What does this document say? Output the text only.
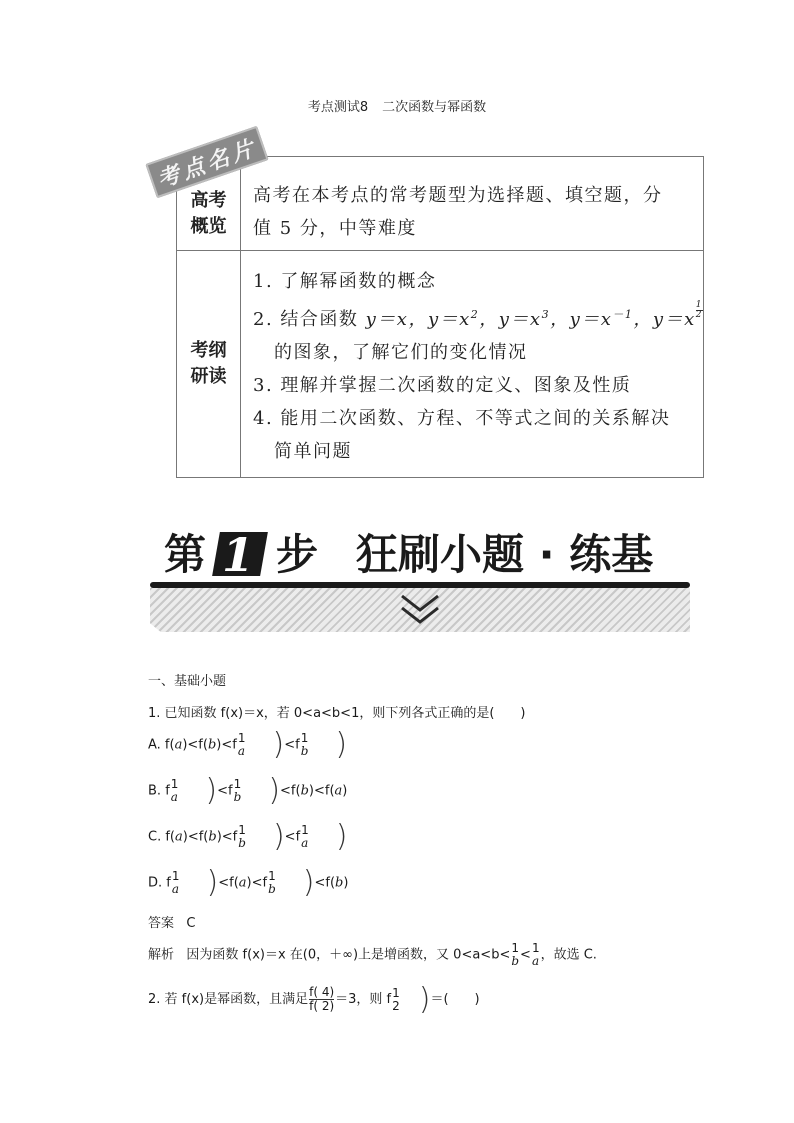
考点测试8 二次函数与幂函数
高考
概览
高考在本考点的常考题型为选择题、填空题，分
值 5 分，中等难度
考纲
研读
1. 了解幂函数的概念
2. 结合函数 y＝x，$y=x^2$，$y=x^3$，$y=x^{-1}$，$y=x \frac{1}{2}$
的图象，了解它们的变化情况
3. 理解并掌握二次函数的定义、图象及性质
4. 能用二次函数、方程、不等式之间的关系解决
简单问题
考点名片
第 1 步 狂刷小题 · 练基
一、基础小题
1. 已知函数 f(x)＝x，若 0<a<b<1，则下列各式正确的是(　　)
A. f(a)<f(b)<f 1
a )<f 1
b )
B. f 1
a )<f 1
b )<f(b)<f(a)
C. f(a)<f(b)<f 1
b )<f 1
a )
D. f 1
a )<f(a)<f 1
b )<f(b)
答案 C
解析 因为函数 f(x)＝x 在(0，＋∞)上是增函数，又 0<a<b< 1
b < 1
a ，故选 C.
2. 若 f(x)是幂函数，且满足 $\frac{f( 4)}{f( 2)} =3$，则 f 1
2 )＝(　　)
